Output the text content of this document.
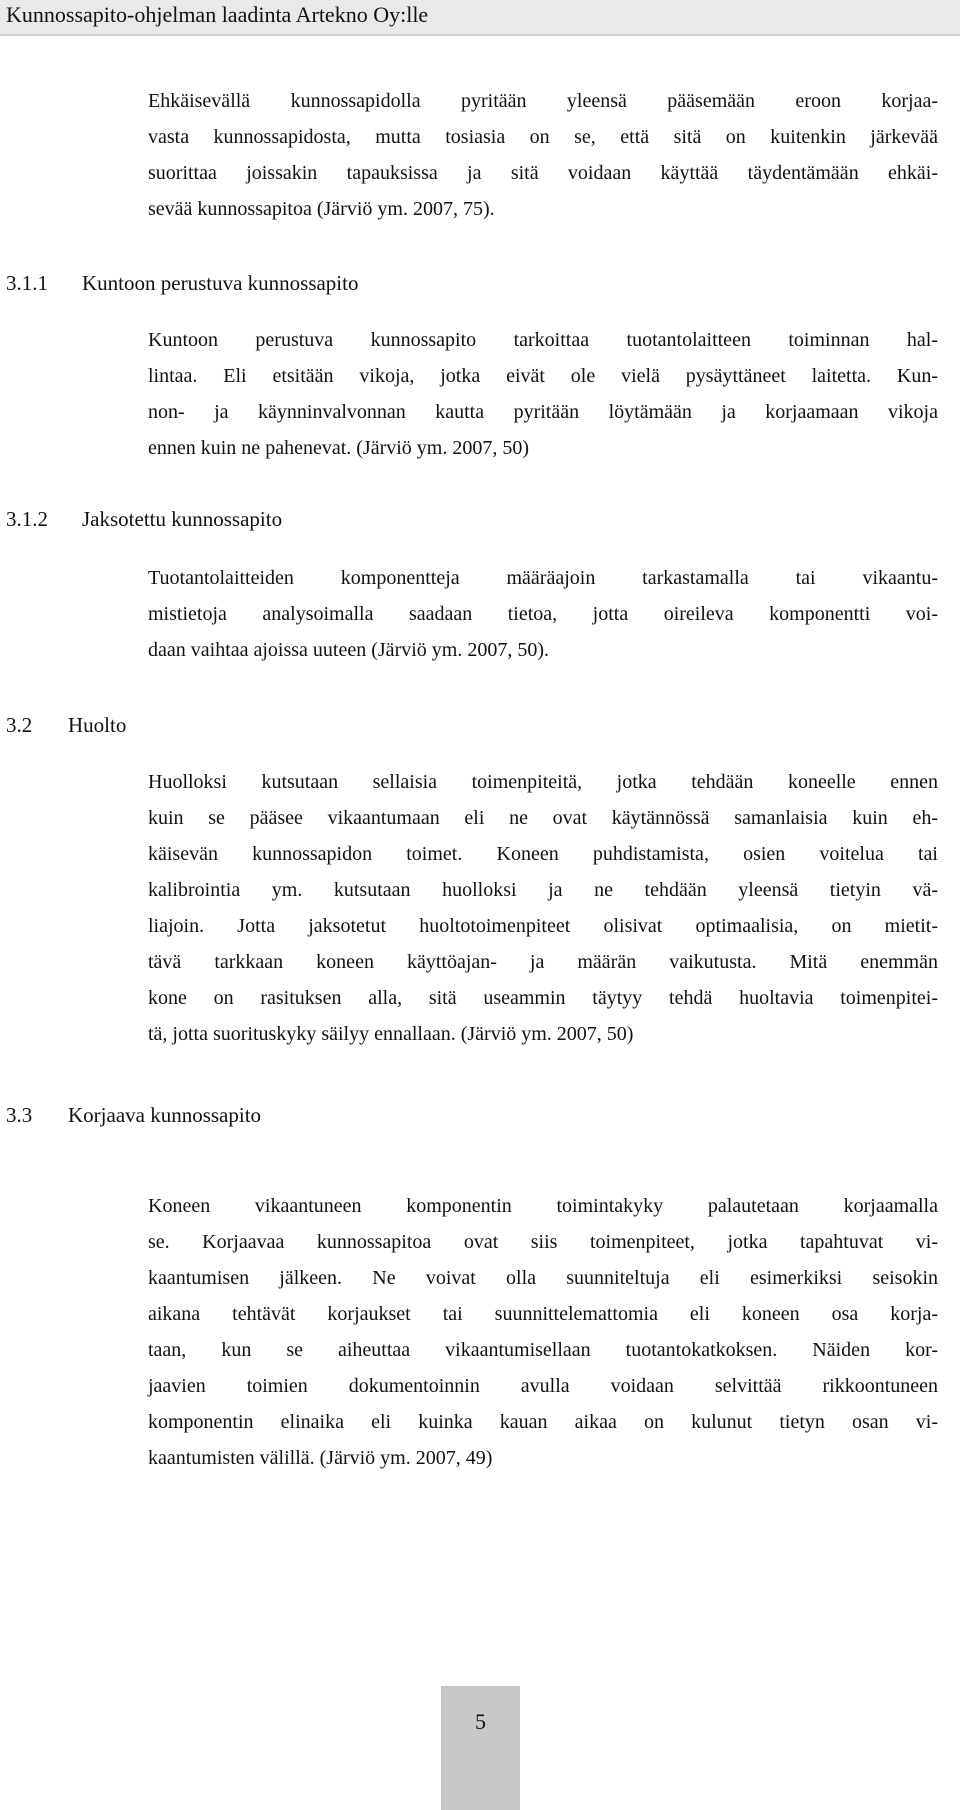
Kunnossapito-ohjelman laadinta Artekno Oy:lle
Ehkäisevällä kunnossapidolla pyritään yleensä pääsemään eroon korjaa-
vasta kunnossapidosta, mutta tosiasia on se, että sitä on kuitenkin järkevää
suorittaa joissakin tapauksissa ja sitä voidaan käyttää täydentämään ehkäi-
sevää kunnossapitoa (Järviö ym. 2007, 75).
3.1.1 Kuntoon perustuva kunnossapito
Kuntoon perustuva kunnossapito tarkoittaa tuotantolaitteen toiminnan hal-
lintaa. Eli etsitään vikoja, jotka eivät ole vielä pysäyttäneet laitetta. Kun-
non- ja käynninvalvonnan kautta pyritään löytämään ja korjaamaan vikoja
ennen kuin ne pahenevat. (Järviö ym. 2007, 50)
3.1.2 Jaksotettu kunnossapito
Tuotantolaitteiden komponentteja määräajoin tarkastamalla tai vikaantu-
mistietoja analysoimalla saadaan tietoa, jotta oireileva komponentti voi-
daan vaihtaa ajoissa uuteen (Järviö ym. 2007, 50).
3.2 Huolto
Huolloksi kutsutaan sellaisia toimenpiteitä, jotka tehdään koneelle ennen
kuin se pääsee vikaantumaan eli ne ovat käytännössä samanlaisia kuin eh-
käisevän kunnossapidon toimet. Koneen puhdistamista, osien voitelua tai
kalibrointia ym. kutsutaan huolloksi ja ne tehdään yleensä tietyin vä-
liajoin. Jotta jaksotetut huoltotoimenpiteet olisivat optimaalisia, on mietit-
tävä tarkkaan koneen käyttöajan- ja määrän vaikutusta. Mitä enemmän
kone on rasituksen alla, sitä useammin täytyy tehdä huoltavia toimenpitei-
tä, jotta suorituskyky säilyy ennallaan. (Järviö ym. 2007, 50)
3.3 Korjaava kunnossapito
Koneen vikaantuneen komponentin toimintakyky palautetaan korjaamalla
se. Korjaavaa kunnossapitoa ovat siis toimenpiteet, jotka tapahtuvat vi-
kaantumisen jälkeen. Ne voivat olla suunniteltuja eli esimerkiksi seisokin
aikana tehtävät korjaukset tai suunnittelemattomia eli koneen osa korja-
taan, kun se aiheuttaa vikaantumisellaan tuotantokatkoksen. Näiden kor-
jaavien toimien dokumentoinnin avulla voidaan selvittää rikkoontuneen
komponentin elinaika eli kuinka kauan aikaa on kulunut tietyn osan vi-
kaantumisten välillä. (Järviö ym. 2007, 49)
5
